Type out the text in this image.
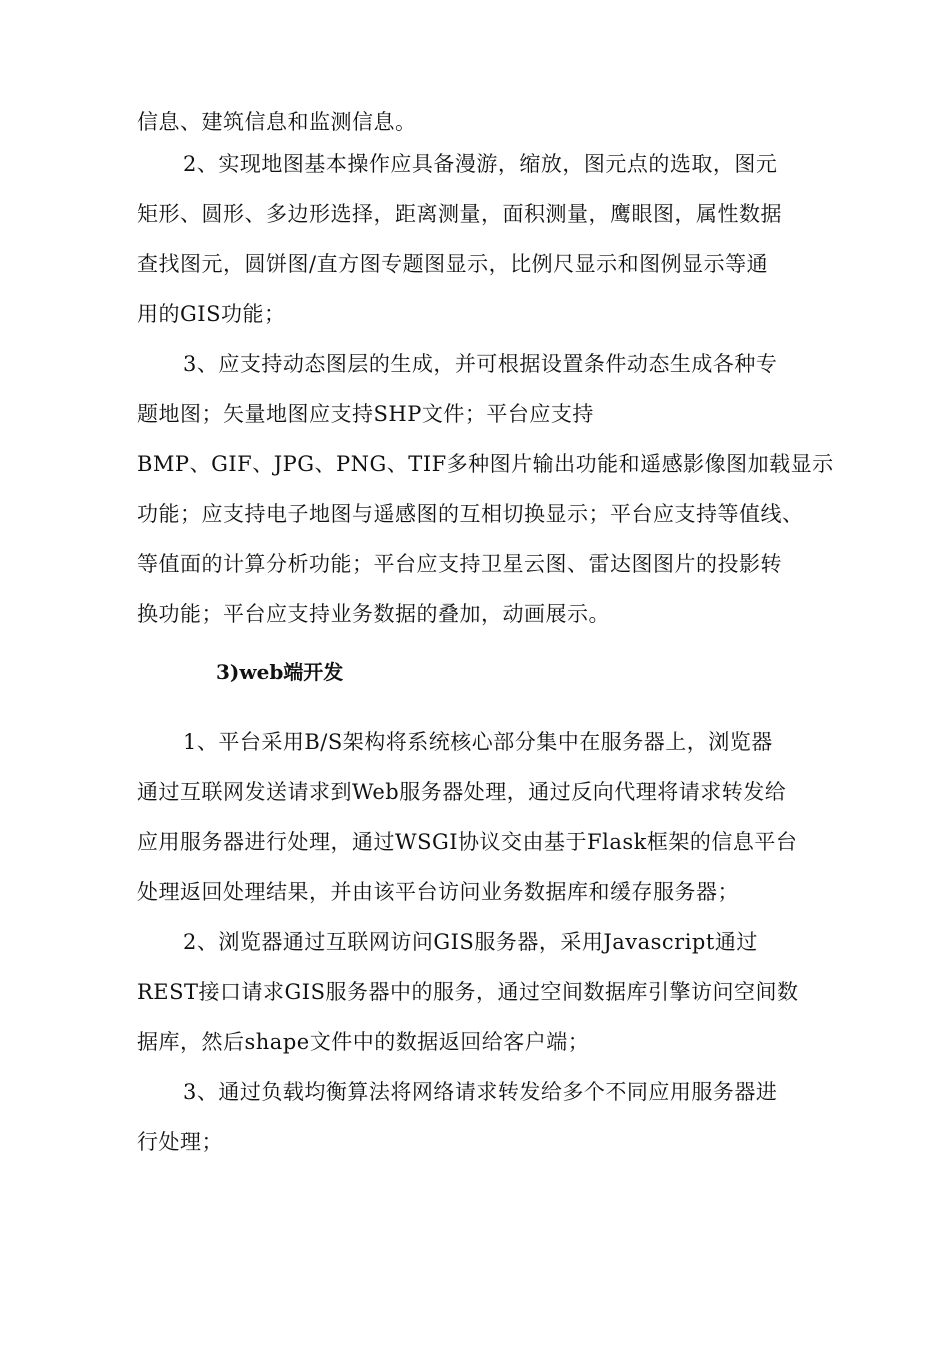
信息、建筑信息和监测信息。
2、实现地图基本操作应具备漫游，缩放，图元点的选取，图元
矩形、圆形、多边形选择，距离测量，面积测量，鹰眼图，属性数据
查找图元，圆饼图/直方图专题图显示，比例尺显示和图例显示等通
用的GIS功能；
3、应支持动态图层的生成，并可根据设置条件动态生成各种专
题地图；矢量地图应支持SHP文件；平台应支持
BMP、GIF、JPG、PNG、TIF多种图片输出功能和遥感影像图加载显示
功能；应支持电子地图与遥感图的互相切换显示；平台应支持等值线、
等值面的计算分析功能；平台应支持卫星云图、雷达图图片的投影转
换功能；平台应支持业务数据的叠加，动画展示。
3)web端开发
1、平台采用B/S架构将系统核心部分集中在服务器上，浏览器
通过互联网发送请求到Web服务器处理，通过反向代理将请求转发给
应用服务器进行处理，通过WSGI协议交由基于Flask框架的信息平台
处理返回处理结果，并由该平台访问业务数据库和缓存服务器；
2、浏览器通过互联网访问GIS服务器，采用Javascript通过
REST接口请求GIS服务器中的服务，通过空间数据库引擎访问空间数
据库，然后shape文件中的数据返回给客户端；
3、通过负载均衡算法将网络请求转发给多个不同应用服务器进
行处理；
